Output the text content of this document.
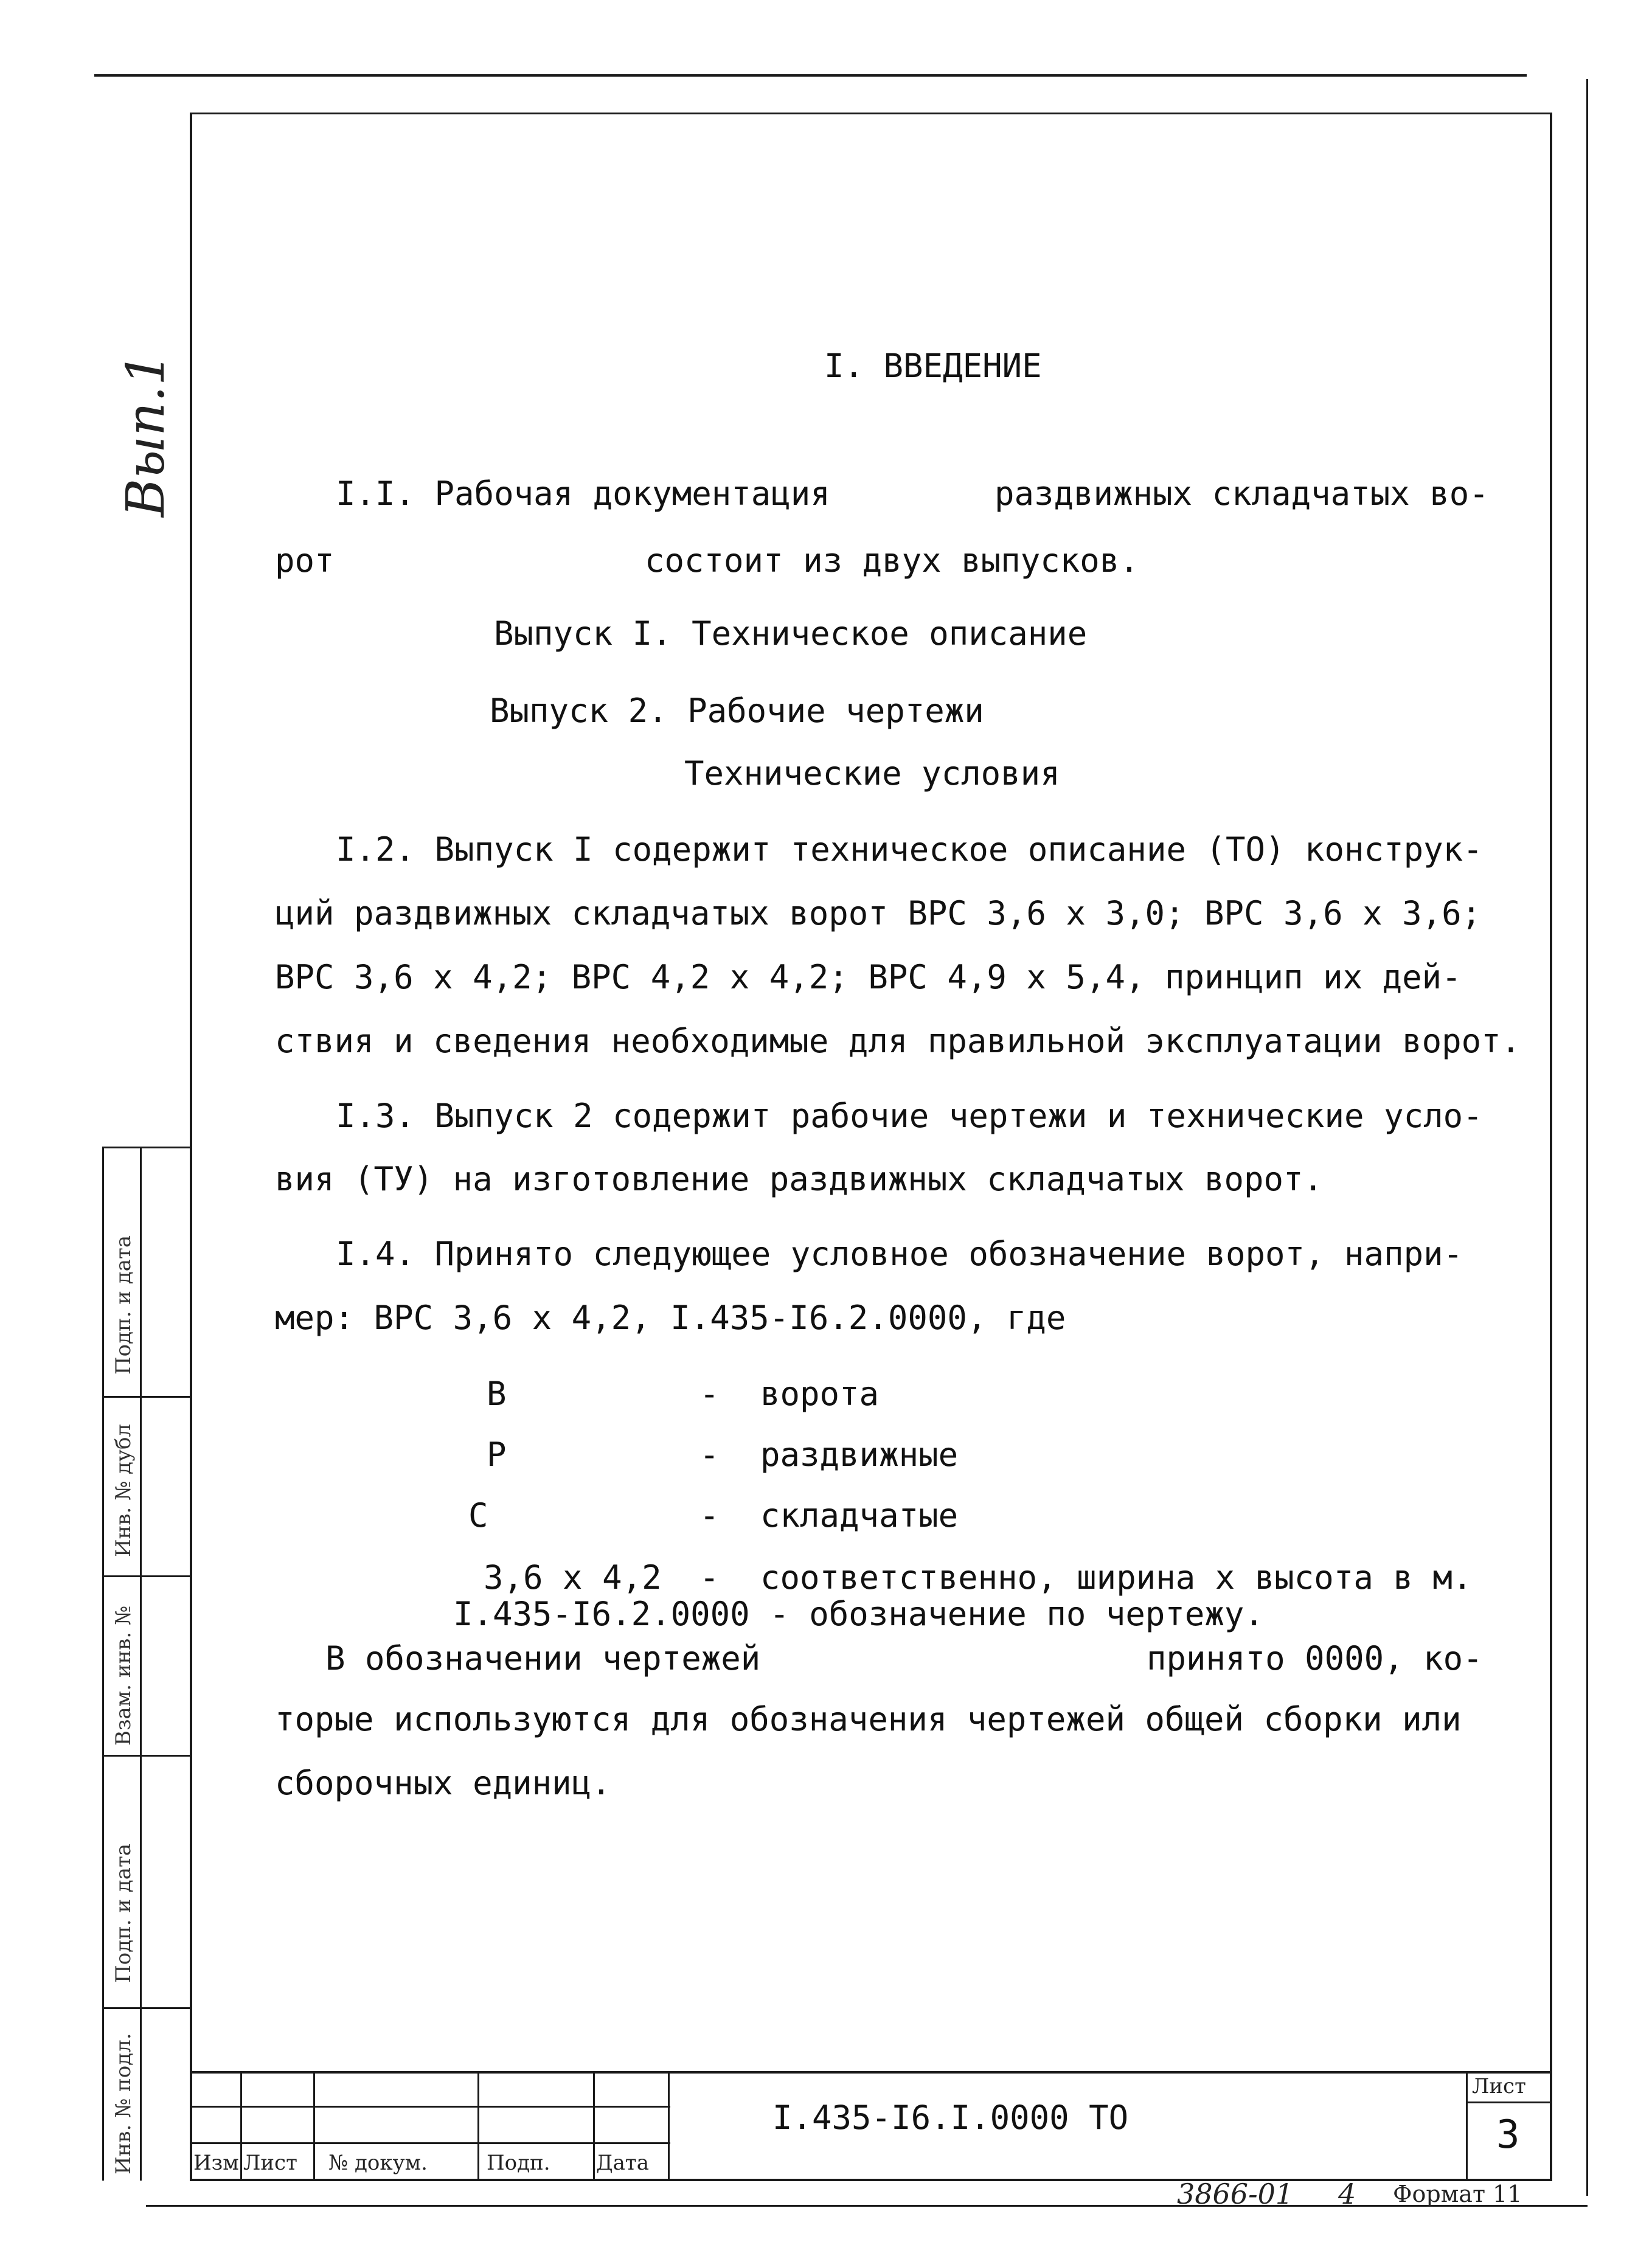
Вып.1	I. ВВЕДЕНИЕ
I.I. Рабочая документация	раздвижных складчатых во-
рот	состоит из двух выпусков.
Выпуск I. Техническое описание
Выпуск 2. Рабочие чертежи
Технические условия
I.2. Выпуск I содержит техническое описание (ТО) конструк-
ций раздвижных складчатых ворот ВРС 3,6 х 3,0; ВРС 3,6 х 3,6;
ВРС 3,6 х 4,2; ВРС 4,2 х 4,2; ВРС 4,9 х 5,4, принцип их дей-
ствия и сведения необходимые для правильной эксплуатации ворот.
I.3. Выпуск 2 содержит рабочие чертежи и технические усло-
вия (ТУ) на изготовление раздвижных складчатых ворот.
I.4. Принято следующее условное обозначение ворот, напри-
мер: ВРС 3,6 х 4,2, I.435-I6.2.0000, где
В	- ворота
Р	- раздвижные
С	- складчатые
3,6 х 4,2 - соответственно, ширина х высота в м.
I.435-I6.2.0000 - обозначение по чертежу.
В обозначении чертежей	принято 0000, ко-
торые используются для обозначения чертежей общей сборки или
сборочных единиц.
Подп. и дата
Инв. № дубл
Взам. инв. №
Подп. и дата
Инв. № подл.	Изм Лист № докум.	Подп. Дата
I.435-I6.I.0000 ТО
Лист
3
3866-01 4 Формат 11
